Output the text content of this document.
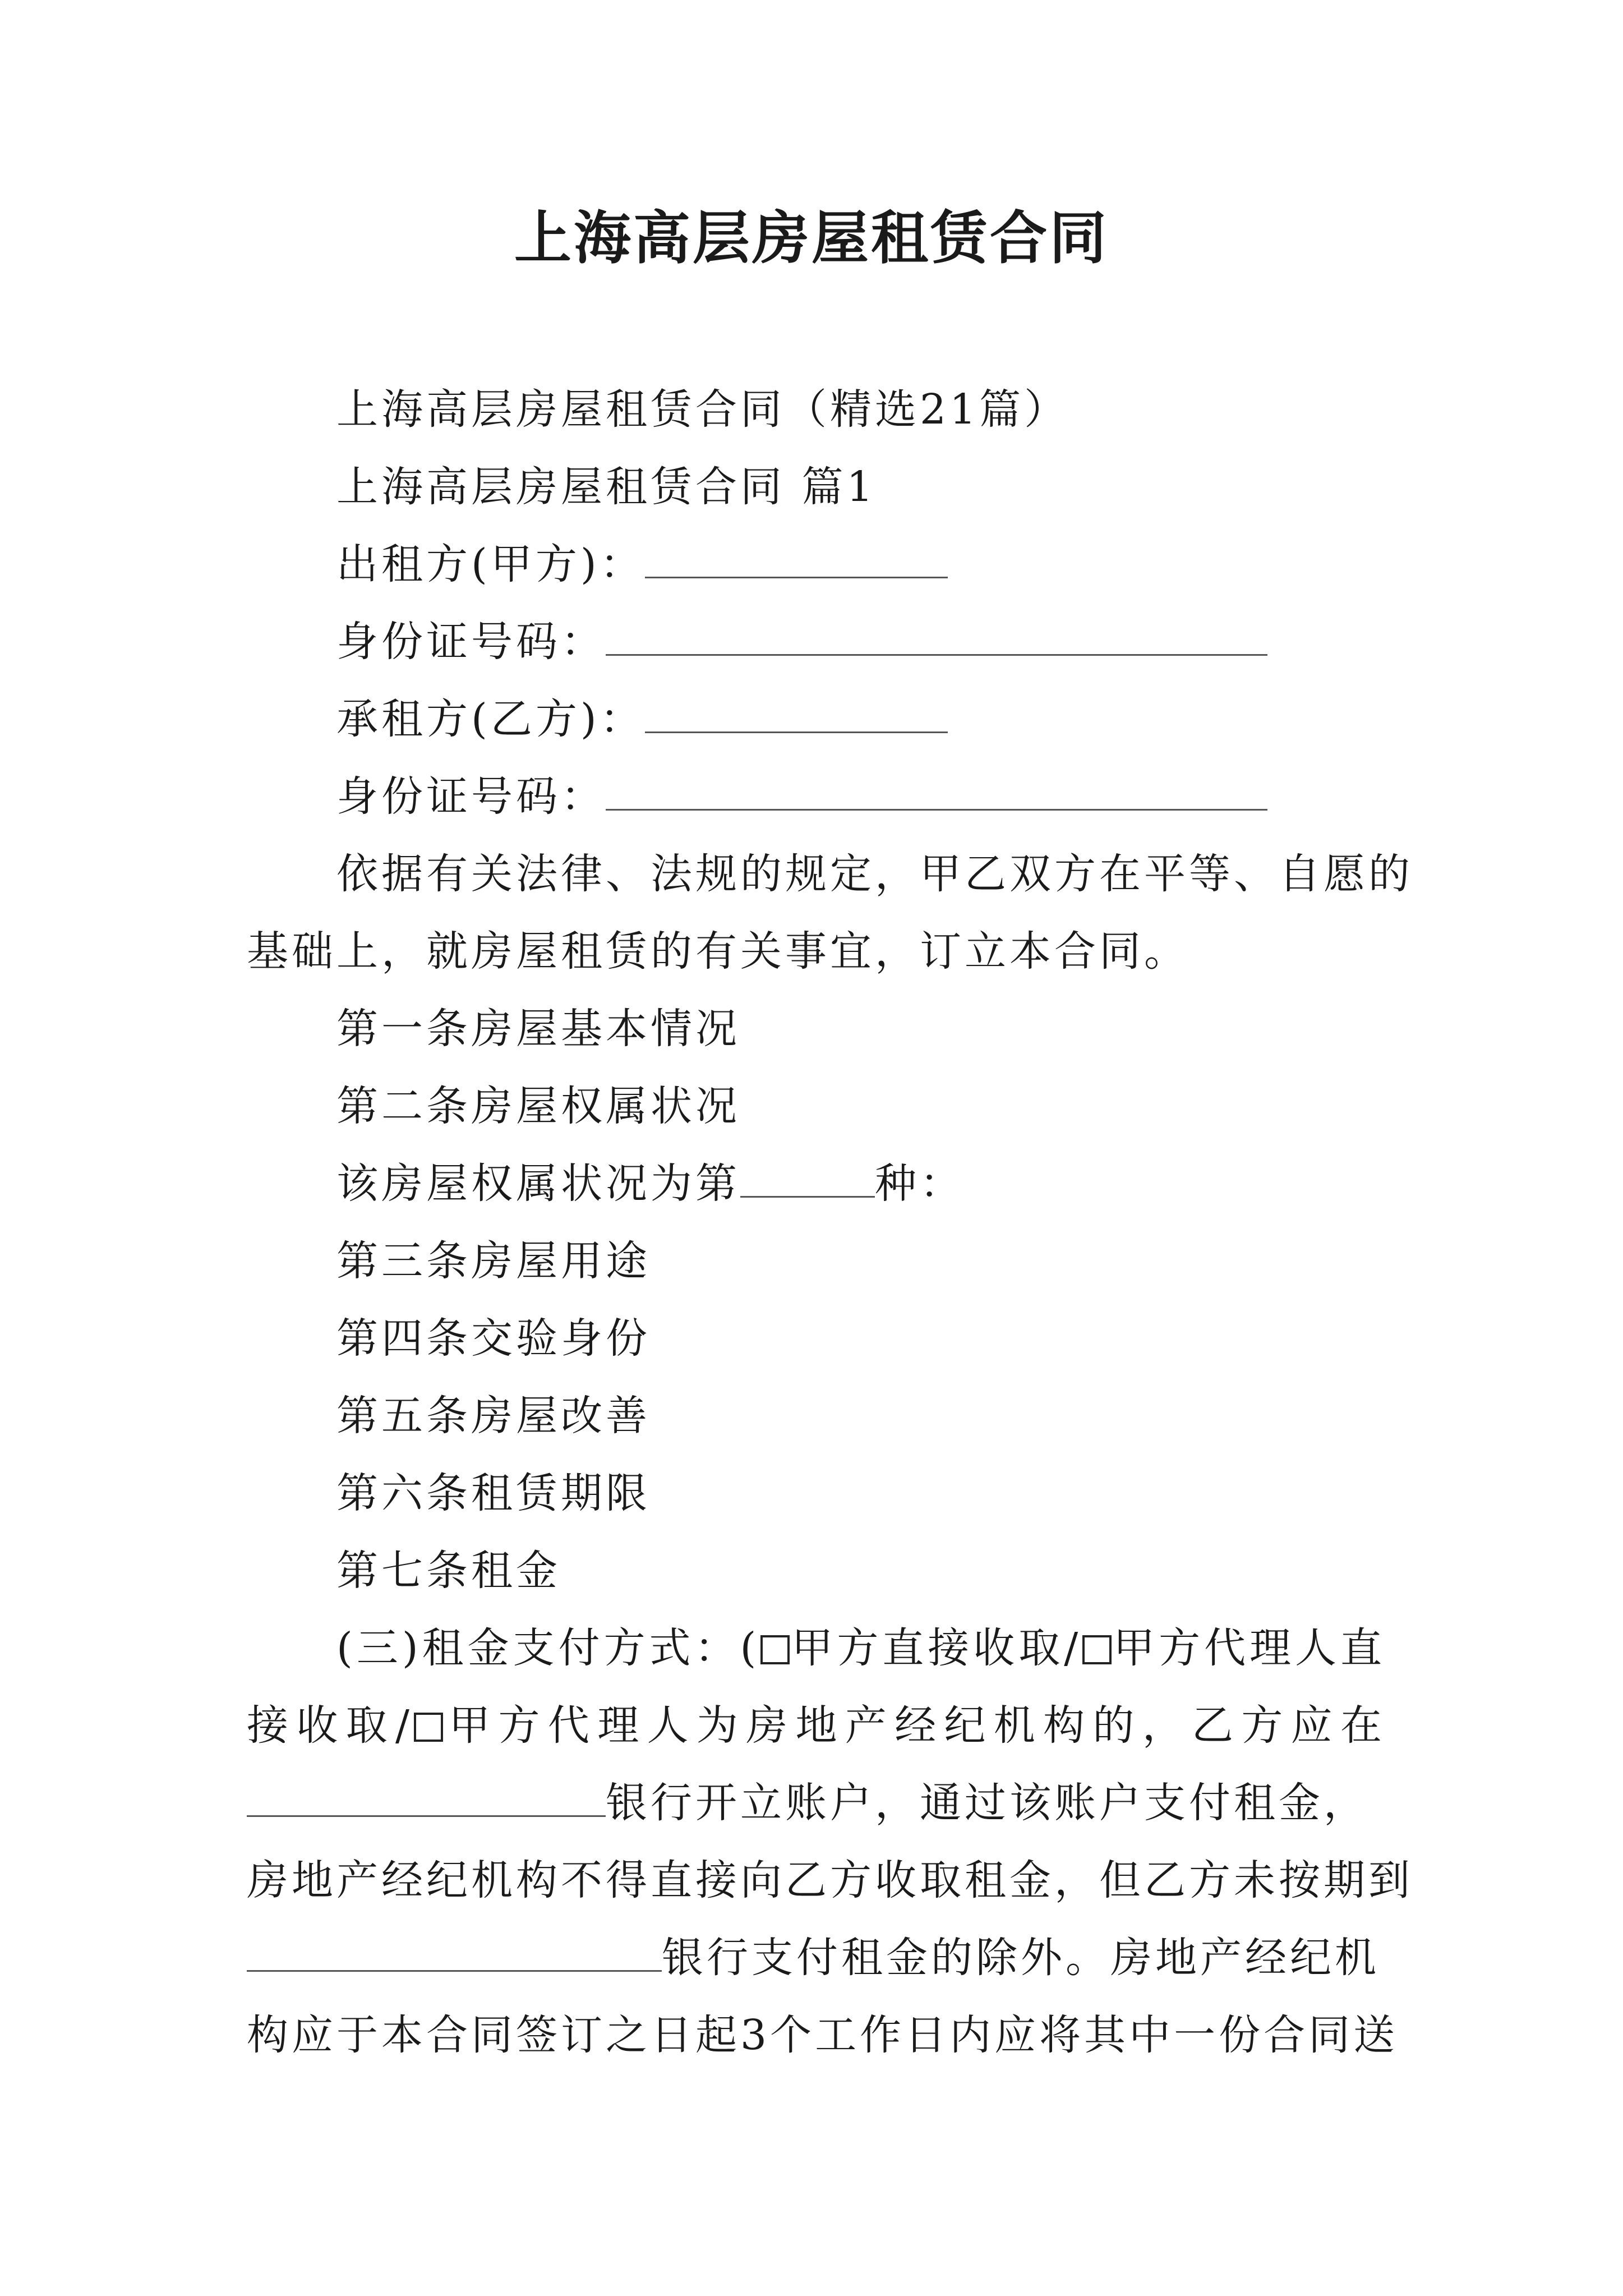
上海高层房屋租赁合同
上海高层房屋租赁合同（精选21篇）
上海高层房屋租赁合同 篇1
出租方(甲方)：
身份证号码：
承租方(乙方)：
身份证号码：
依据有关法律、法规的规定，甲乙双方在平等、自愿的
基础上，就房屋租赁的有关事宜，订立本合同。
第一条房屋基本情况
第二条房屋权属状况
该房屋权属状况为第	种：
第三条房屋用途
第四条交验身份
第五条房屋改善
第六条租赁期限
第七条租金
(三)租金支付方式：( 甲方直接收取/ 甲方代理人直
接收取/ 甲方代理人为房地产经纪机构的，乙方应在
银行开立账户，通过该账户支付租金，
房地产经纪机构不得直接向乙方收取租金，但乙方未按期到
银行支付租金的除外。房地产经纪机
构应于本合同签订之日起3个工作日内应将其中一份合同送
